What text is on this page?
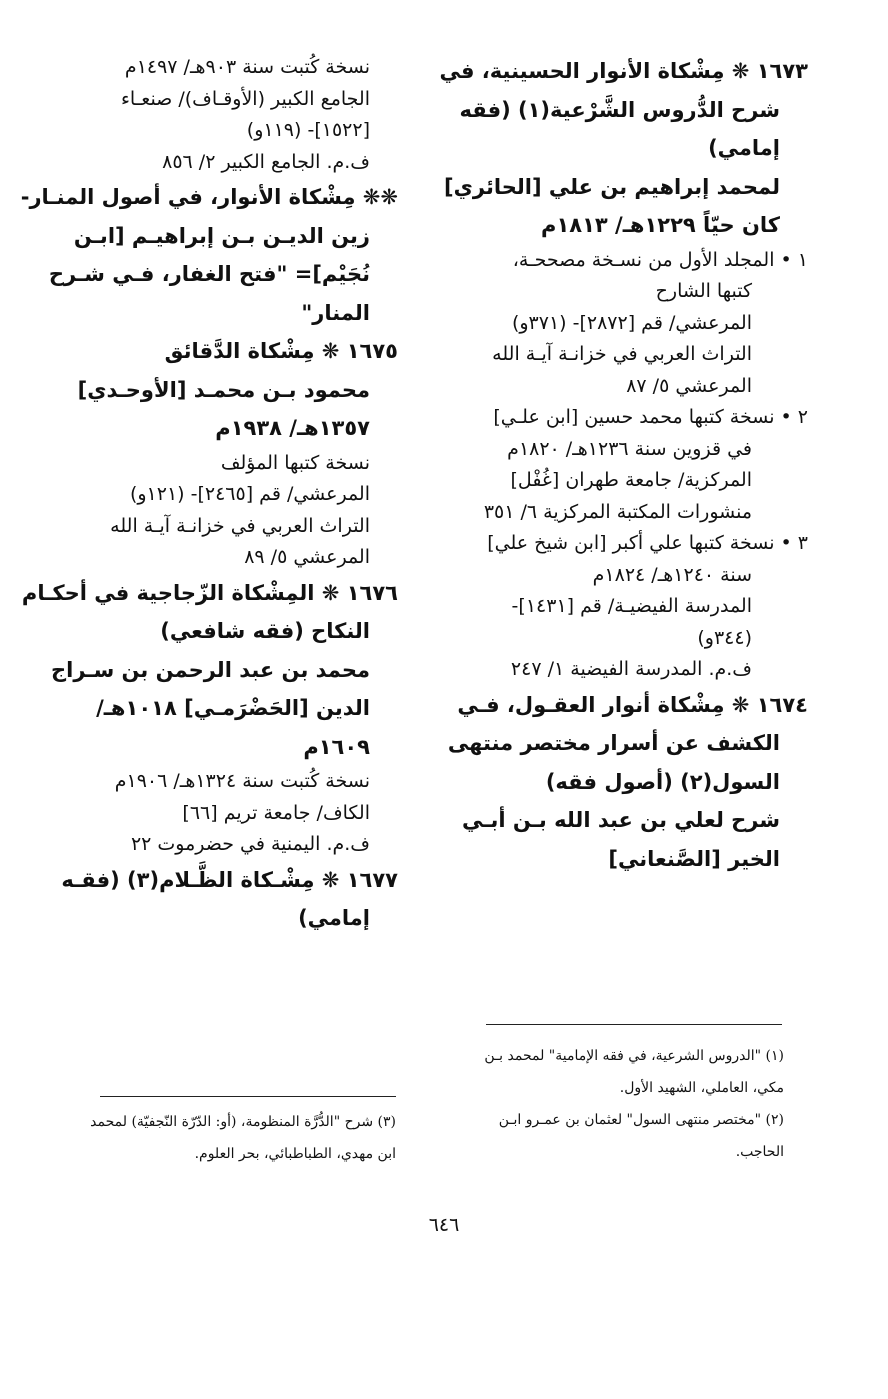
١٦٧٣ ❋ مِشْكاة الأنوار الحسينية، في
شرح الدُّروس الشَّرْعية(١) (فقه
إمامي)
لمحمد إبراهيم بن علي [الحائري]
كان حيّاً ١٢٢٩هـ/ ١٨١٣م
١ • المجلد الأول من نسـخة مصححـة،
كتبها الشارح
المرعشي/ قم [٢٨٧٢]- (٣٧١و)
التراث العربي في خزانـة آيـة الله
المرعشي ٥/ ٨٧
٢ • نسخة كتبها محمد حسين [ابن علـي]
في قزوين سنة ١٢٣٦هـ/ ١٨٢٠م
المركزية/ جامعة طهران [غُفْل]
منشورات المكتبة المركزية ٦/ ٣٥١
٣ • نسخة كتبها علي أكبر [ابن شيخ علي]
سنة ١٢٤٠هـ/ ١٨٢٤م
المدرسة الفيضيـة/ قم [١٤٣١]-
(٣٤٤و)
ف.م. المدرسة الفيضية ١/ ٢٤٧
١٦٧٤ ❋ مِشْكاة أنوار العقـول، فـي
الكشف عن أسرار مختصر منتهى
السول(٢) (أصول فقه)
شرح لعلي بن عبد الله بـن أبـي
الخير [الصَّنعاني]
نسخة كُتبت سنة ٩٠٣هـ/ ١٤٩٧م
الجامع الكبير (الأوقـاف)/ صنعـاء
[١٥٢٢]- (١١٩و)
ف.م. الجامع الكبير ٢/ ٨٥٦
❋❋ مِشْكاة الأنوار، في أصول المنـار-
زين الديـن بـن إبراهيـم [ابـن
نُجَيْم]= "فتح الغفار، فـي شـرح
المنار"
١٦٧٥ ❋ مِشْكاة الدَّقائق
محمود بـن محمـد [الأوحـدي]
١٣٥٧هـ/ ١٩٣٨م
نسخة كتبها المؤلف
المرعشي/ قم [٢٤٦٥]- (١٢١و)
التراث العربي في خزانـة آيـة الله
المرعشي ٥/ ٨٩
١٦٧٦ ❋ المِشْكاة الزّجاجية في أحكـام
النكاح (فقه شافعي)
محمد بن عبد الرحمن بن سـراج
الدين [الحَضْرَمـي] ١٠١٨هـ/
١٦٠٩م
نسخة كُتبت سنة ١٣٢٤هـ/ ١٩٠٦م
الكاف/ جامعة تريم [٦٦]
ف.م. اليمنية في حضرموت ٢٢
١٦٧٧ ❋ مِشْـكاة الظَّـلام(٣) (فقـه
إمامي)
(١) "الدروس الشرعية، في فقه الإمامية" لمحمد بـن
مكي، العاملي، الشهيد الأول.
(٢) "مختصر منتهى السول" لعثمان بن عمـرو ابـن
الحاجب.
(٣) شرح "الدُّرَّة المنظومة، (أو: الدّرّة النّجفيّة) لمحمد
ابن مهدي، الطباطبائي، بحر العلوم.
٦٤٦
